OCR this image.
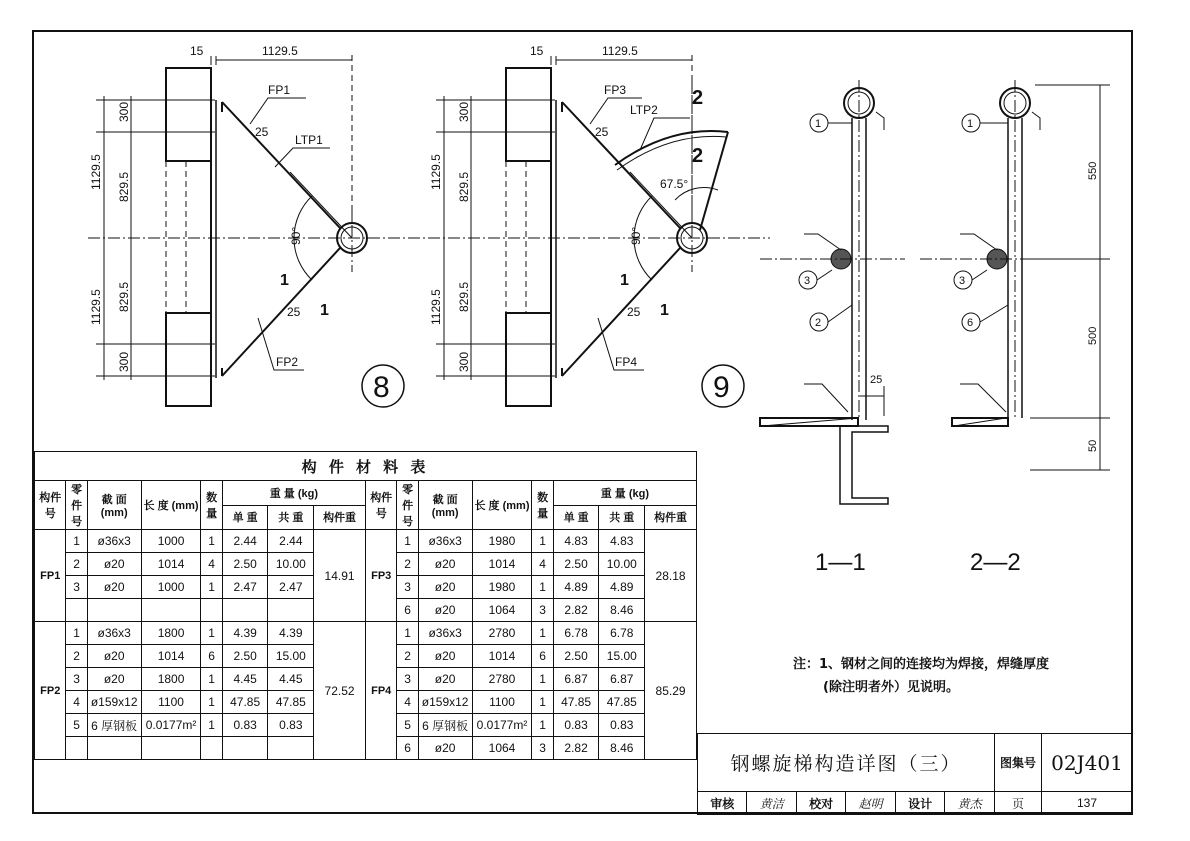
15	1129.5
FP1
LTP1
FP2
25
25
90°
1
1
300
829.5
829.5
300
1129.5
1129.5
15	1129.5
FP3
LTP2
FP4
25
25
90°
67.5°
1
1
2
2
300
829.5
829.5
300
1129.5
1129.5
8	9
1
3
2
25
1
3
6
550
500
50
1—1	2—2
构 件 材 料 表															
构件号	零件号	截 面 (mm)	长 度 (mm)	数量	重 量 (kg)			构件号	零件号	截 面 (mm)	长 度 (mm)	数量	重 量 (kg)		
					单 重	共 重	构件重						单 重	共 重	构件重
FP1	1	ø36x3	1000	1	2.44	2.44	14.91	FP3	1	ø36x3	1980	1	4.83	4.83	28.18
	2	ø20	1014	4	2.50	10.00			2	ø20	1014	4	2.50	10.00	
	3	ø20	1000	1	2.47	2.47			3	ø20	1980	1	4.89	4.89	
									6	ø20	1064	3	2.82	8.46	
FP2	1	ø36x3	1800	1	4.39	4.39	72.52	FP4	1	ø36x3	2780	1	6.78	6.78	85.29
	2	ø20	1014	6	2.50	15.00			2	ø20	1014	6	2.50	15.00	
	3	ø20	1800	1	4.45	4.45			3	ø20	2780	1	6.87	6.87	
	4	ø159x12	1100	1	47.85	47.85			4	ø159x12	1100	1	47.85	47.85	
	5	6 厚钢板	0.0177m²	1	0.83	0.83			5	6 厚钢板	0.0177m²	1	0.83	0.83	
									6	ø20	1064	3	2.82	8.46	
注：1、钢材之间的连接均为焊接，焊缝厚度
(除注明者外）见说明。
钢螺旋梯构造详图（三）						图集号	02J401
审核	黄洁	校对	赵明	设计	黄杰	页	137
